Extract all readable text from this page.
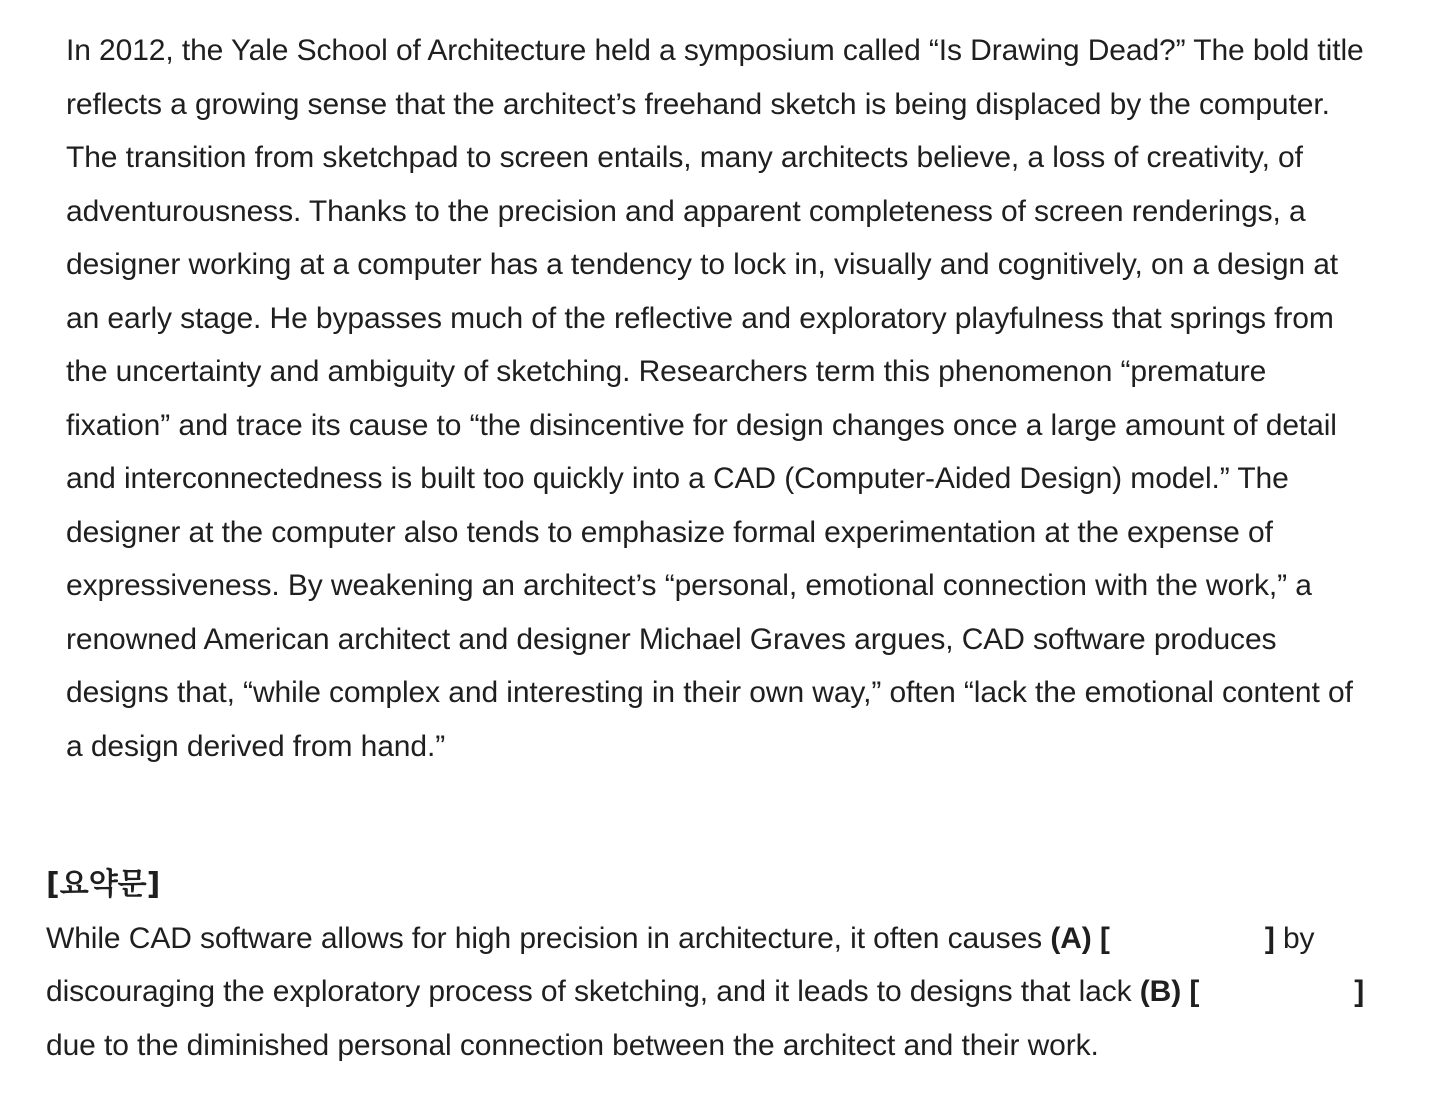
In 2012, the Yale School of Architecture held a symposium called “Is Drawing Dead?” The bold title reflects a growing sense that the architect’s freehand sketch is being displaced by the computer. The transition from sketchpad to screen entails, many architects believe, a loss of creativity, of adventurousness. Thanks to the precision and apparent completeness of screen renderings, a designer working at a computer has a tendency to lock in, visually and cognitively, on a design at an early stage. He bypasses much of the reflective and exploratory playfulness that springs from the uncertainty and ambiguity of sketching. Researchers term this phenomenon “premature fixation” and trace its cause to “the disincentive for design changes once a large amount of detail and interconnectedness is built too quickly into a CAD (Computer-Aided Design) model.” The designer at the computer also tends to emphasize formal experimentation at the expense of expressiveness. By weakening an architect’s “personal, emotional connection with the work,” a renowned American architect and designer Michael Graves argues, CAD software produces designs that, “while complex and interesting in their own way,” often “lack the emotional content of a design derived from hand.”

[요약문]

While CAD software allows for high precision in architecture, it often causes (A) [	] by discouraging the exploratory process of sketching, and it leads to designs that lack (B) [	] due to the diminished personal connection between the architect and their work.
